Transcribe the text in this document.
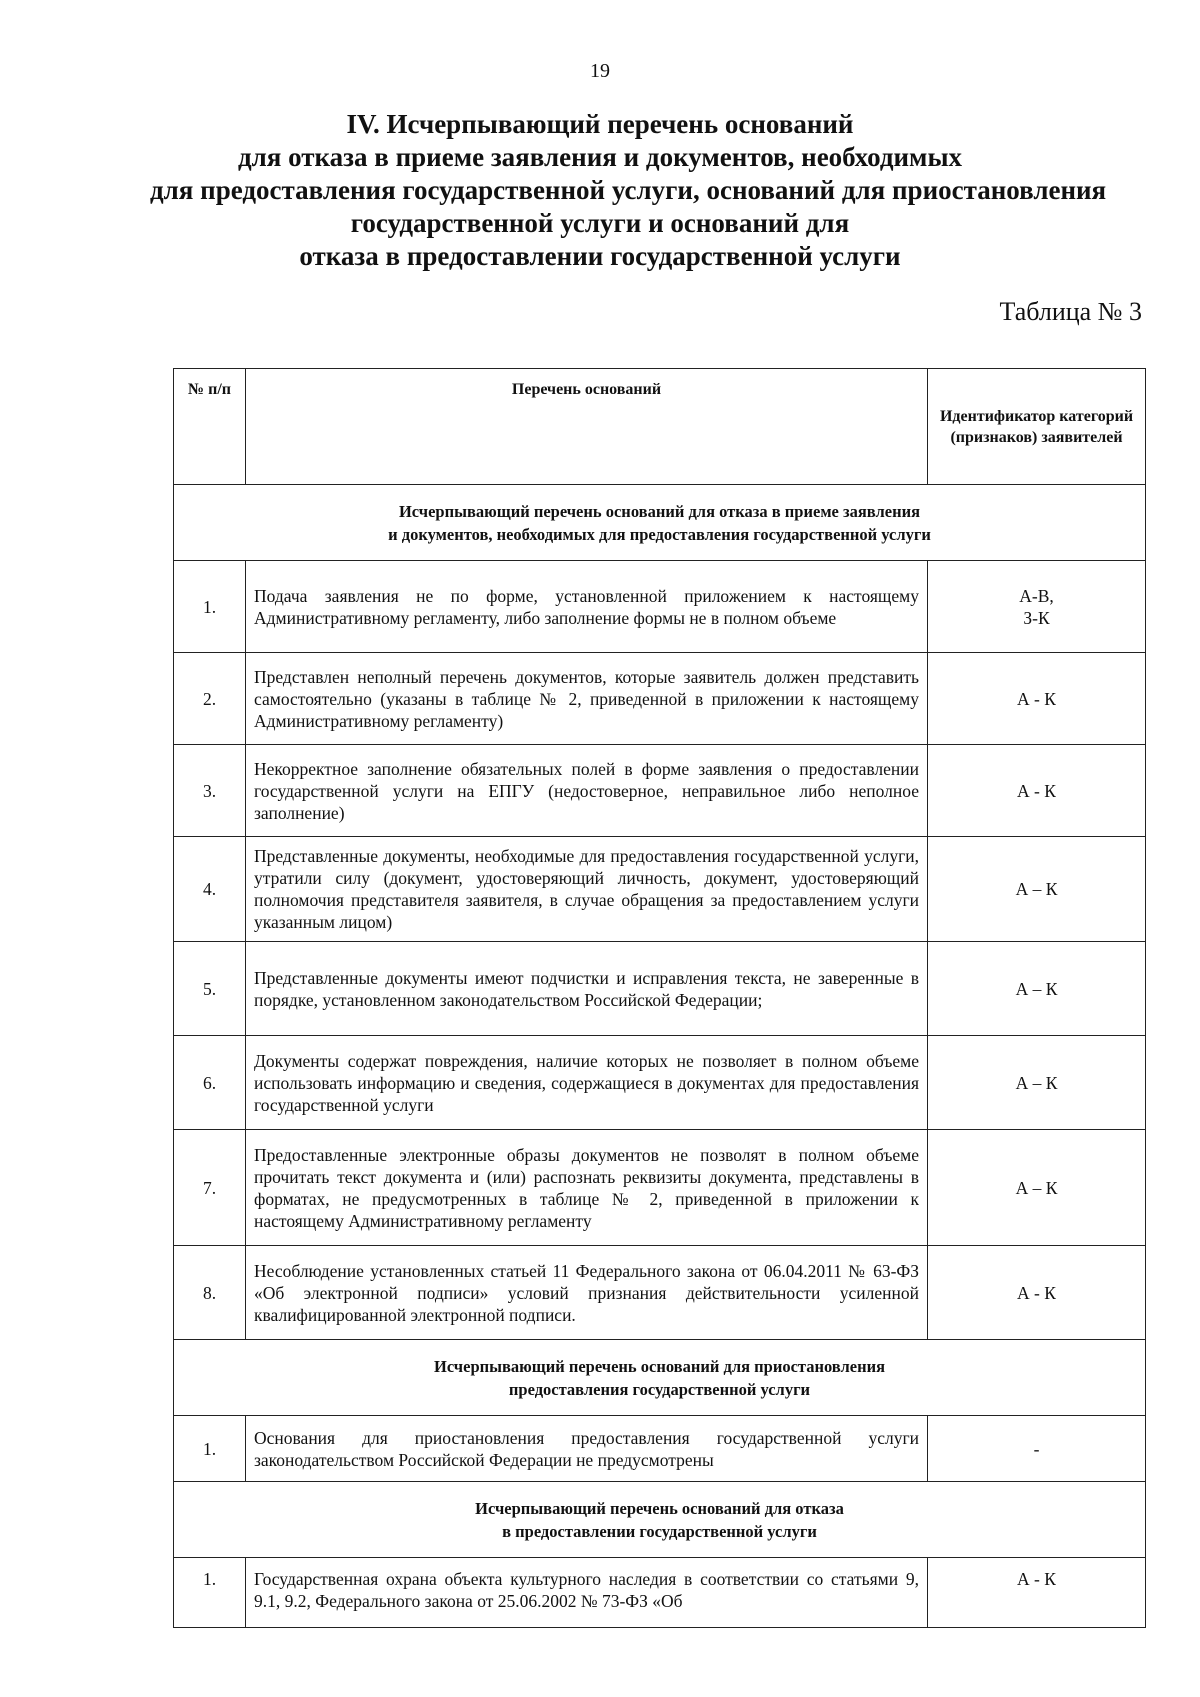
19
IV. Исчерпывающий перечень оснований
для отказа в приеме заявления и документов, необходимых
для предоставления государственной услуги, оснований для приостановления
государственной услуги и оснований для
отказа в предоставлении государственной услуги
Таблица № 3
№ п/п	Перечень оснований	Идентификатор категорий (признаков) заявителей

Исчерпывающий перечень оснований для отказа в приеме заявления
и документов, необходимых для предоставления государственной услуги		

1.	Подача заявления не по форме, установленной приложением к настоящему Административному регламенту, либо заполнение формы не в полном объеме	А-В,
З-К

2.	Представлен неполный перечень документов, которые заявитель должен представить самостоятельно (указаны в таблице № 2, приведенной в приложении к настоящему Административному регламенту)	А - К
3.	Некорректное заполнение обязательных полей в форме заявления о предоставлении государственной услуги на ЕПГУ (недостоверное, неправильное либо неполное заполнение)	А - К
4.	Представленные документы, необходимые для предоставления государственной услуги, утратили силу (документ, удостоверяющий личность, документ, удостоверяющий полномочия представителя заявителя, в случае обращения за предоставлением услуги указанным лицом)	А – К
5.	Представленные документы имеют подчистки и исправления текста, не заверенные в порядке, установленном законодательством Российской Федерации;	А – К
6.	Документы содержат повреждения, наличие которых не позволяет в полном объеме использовать информацию и сведения, содержащиеся в документах для предоставления государственной услуги	А – К
7.	Предоставленные электронные образы документов не позволят в полном объеме прочитать текст документа и (или) распознать реквизиты документа, представлены в форматах, не предусмотренных в таблице № 2, приведенной в приложении к настоящему Административному регламенту	А – К
8.	Несоблюдение установленных статьей 11 Федерального закона от 06.04.2011 № 63-ФЗ «Об электронной подписи» условий признания действительности усиленной квалифицированной электронной подписи.	А - К

Исчерпывающий перечень оснований для приостановления
предоставления государственной услуги		

1.	Основания для приостановления предоставления государственной услуги законодательством Российской Федерации не предусмотрены	-

Исчерпывающий перечень оснований для отказа
в предоставлении государственной услуги		

1.	Государственная охрана объекта культурного наследия в соответствии со статьями 9, 9.1, 9.2, Федерального закона от 25.06.2002 № 73-ФЗ «Об	А - К
